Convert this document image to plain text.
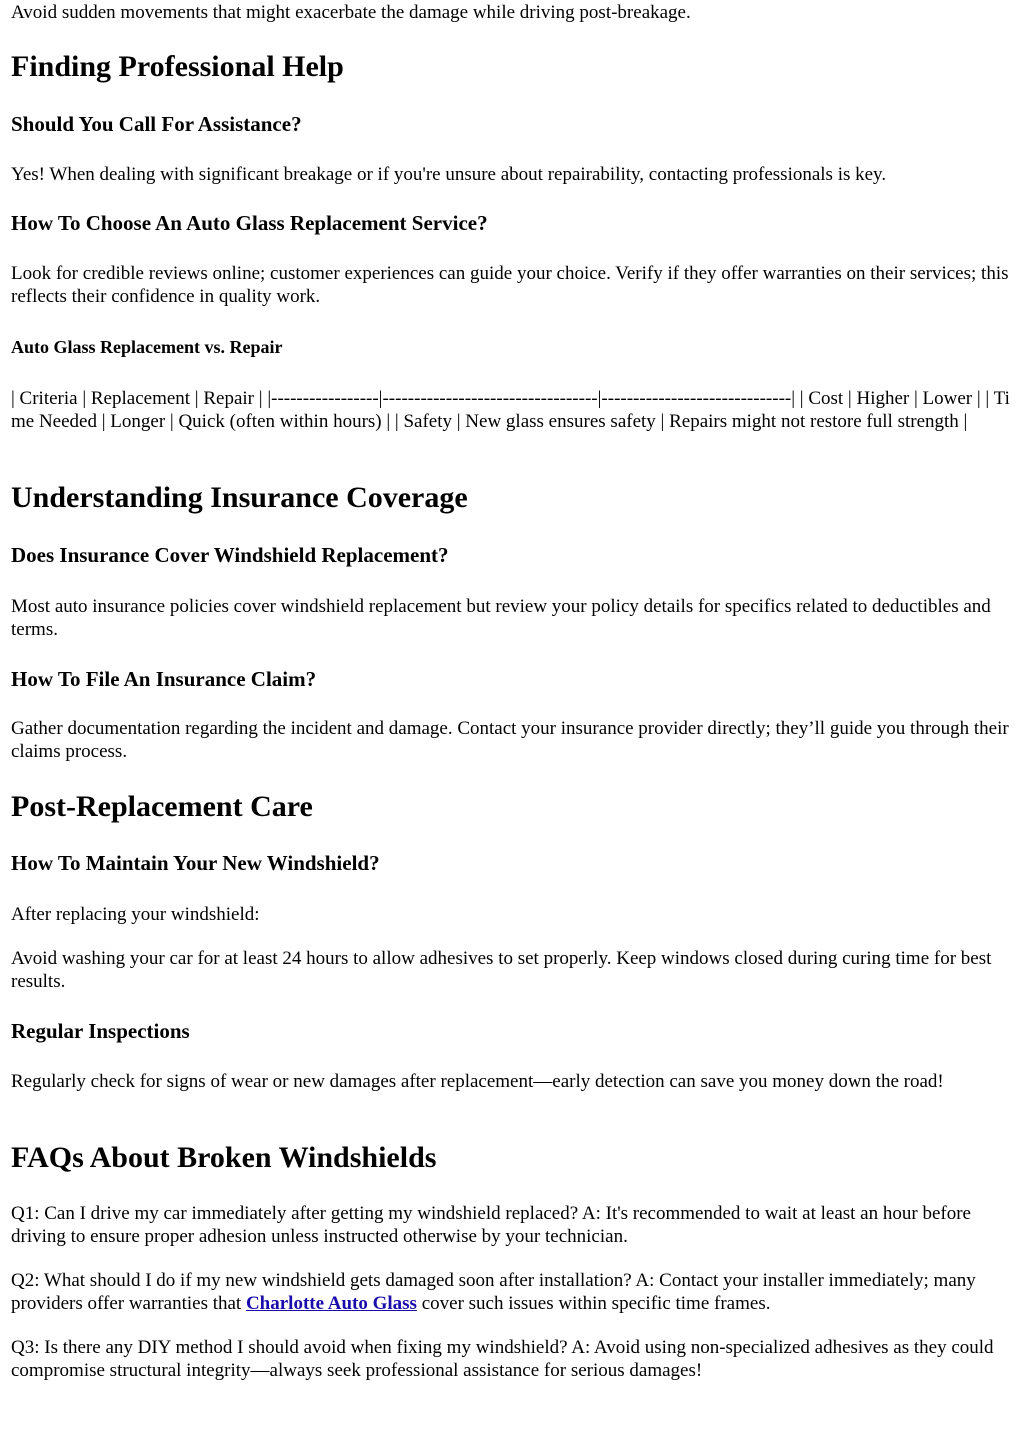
Avoid sudden movements that might exacerbate the damage while driving post-breakage.

Finding Professional Help
Should You Call For Assistance?

Yes! When dealing with significant breakage or if you're unsure about repairability, contacting professionals is key.

How To Choose An Auto Glass Replacement Service?

Look for credible reviews online; customer experiences can guide your choice. Verify if they offer warranties on their services; this reflects their confidence in quality work.

Auto Glass Replacement vs. Repair

| Criteria | Replacement | Repair | |-----------------|----------------------------------|------------------------------| | Cost | Higher | Lower | | Time Needed | Longer | Quick (often within hours) | | Safety | New glass ensures safety | Repairs might not restore full strength |

Understanding Insurance Coverage
Does Insurance Cover Windshield Replacement?

Most auto insurance policies cover windshield replacement but review your policy details for specifics related to deductibles and terms.

How To File An Insurance Claim?

Gather documentation regarding the incident and damage. Contact your insurance provider directly; they’ll guide you through their claims process.

Post-Replacement Care
How To Maintain Your New Windshield?

After replacing your windshield:

Avoid washing your car for at least 24 hours to allow adhesives to set properly. Keep windows closed during curing time for best results.

Regular Inspections

Regularly check for signs of wear or new damages after replacement—early detection can save you money down the road!

FAQs About Broken Windshields

Q1: Can I drive my car immediately after getting my windshield replaced? A: It's recommended to wait at least an hour before driving to ensure proper adhesion unless instructed otherwise by your technician.

Q2: What should I do if my new windshield gets damaged soon after installation? A: Contact your installer immediately; many providers offer warranties that Charlotte Auto Glass cover such issues within specific time frames.

Q3: Is there any DIY method I should avoid when fixing my windshield? A: Avoid using non-specialized adhesives as they could compromise structural integrity—always seek professional assistance for serious damages!
